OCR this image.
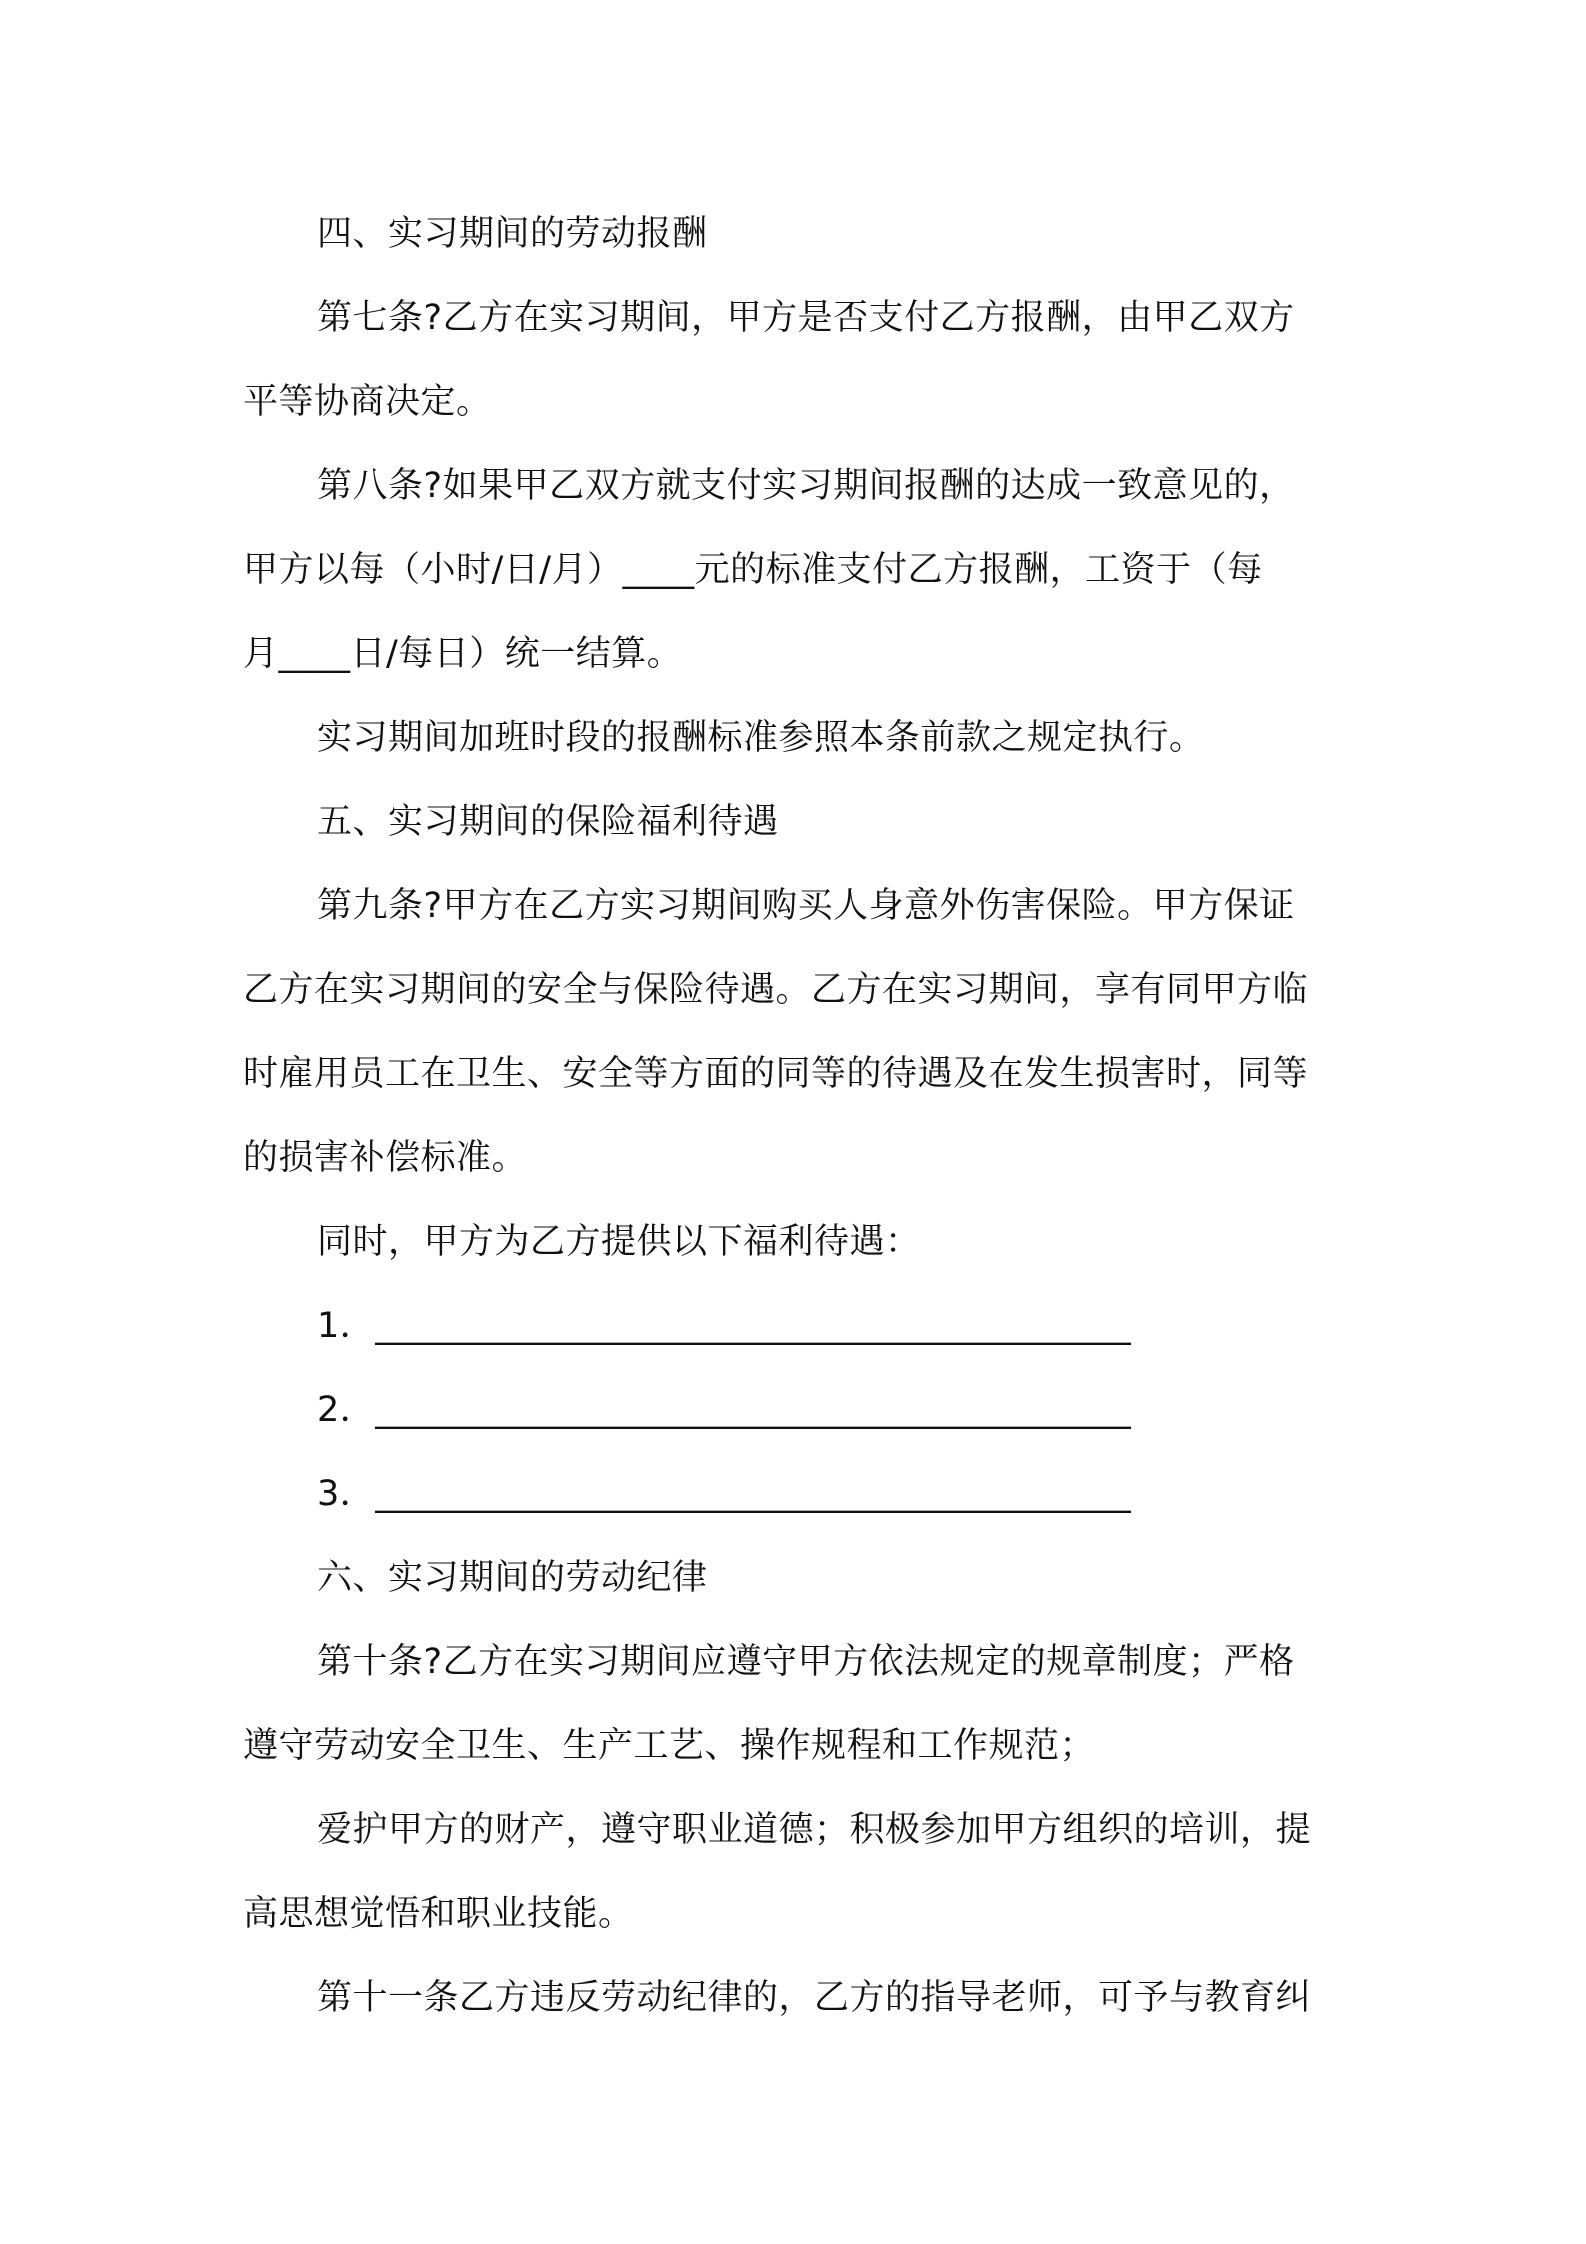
四、实习期间的劳动报酬
第七条?乙方在实习期间，甲方是否支付乙方报酬，由甲乙双方
平等协商决定。
第八条?如果甲乙双方就支付实习期间报酬的达成一致意见的，
甲方以每（小时/日/月）____元的标准支付乙方报酬，工资于（每
月____日/每日）统一结算。
实习期间加班时段的报酬标准参照本条前款之规定执行。
五、实习期间的保险福利待遇
第九条?甲方在乙方实习期间购买人身意外伤害保险。甲方保证
乙方在实习期间的安全与保险待遇。乙方在实习期间，享有同甲方临
时雇用员工在卫生、安全等方面的同等的待遇及在发生损害时，同等
的损害补偿标准。
同时，甲方为乙方提供以下福利待遇：
1．__________________________________________
2．__________________________________________
3．__________________________________________
六、实习期间的劳动纪律
第十条?乙方在实习期间应遵守甲方依法规定的规章制度；严格
遵守劳动安全卫生、生产工艺、操作规程和工作规范；
爱护甲方的财产，遵守职业道德；积极参加甲方组织的培训，提
高思想觉悟和职业技能。
第十一条乙方违反劳动纪律的，乙方的指导老师，可予与教育纠
